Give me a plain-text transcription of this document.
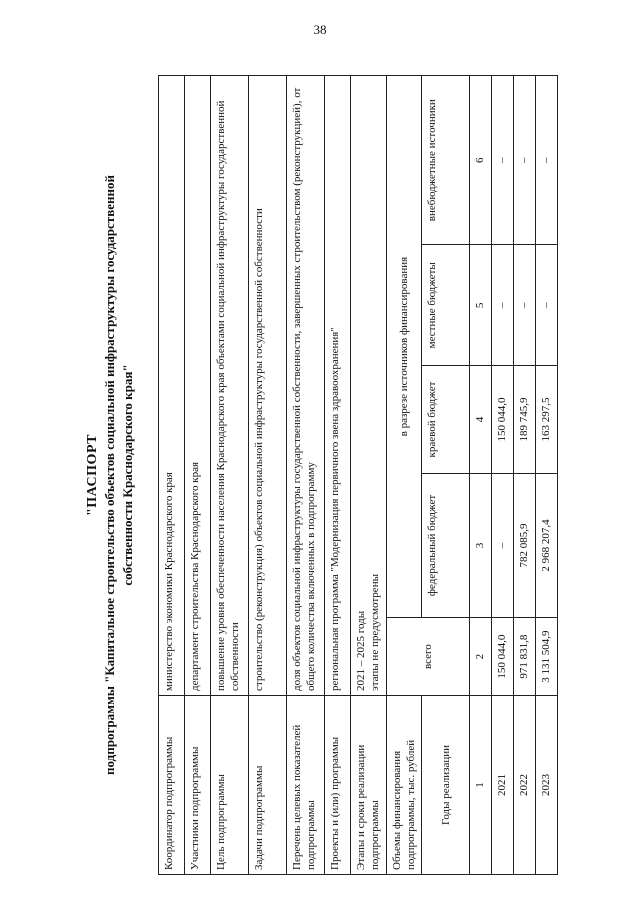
38
"ПАСПОРТ подпрограммы "Капитальное строительство объектов социальной инфраструктуры государственной собственности Краснодарского края"
Координатор подпрограммы	министерство экономики Краснодарского края				
Участники подпрограммы	департамент строительства Краснодарского края				
Цель подпрограммы	повышение уровня обеспеченности населения Краснодарского края объектами социальной инфраструктуры государственной собственности				
Задачи подпрограммы	строительство (реконструкция) объектов социальной инфраструктуры государственной собственности				
Перечень целевых показателей подпрограммы	доля объектов социальной инфраструктуры государственной собственности, завершенных строительством (реконструкцией), от общего количества включенных в подпрограмму				
Проекты и (или) программы	региональная программа "Модернизация первичного звена здравоохранения"				
Этапы и сроки реализации подпрограммы	2021 – 2025 годы этапы не предусмотрены				

Объемы финансирования подпрограммы, тыс. рублей	всего	в разрезе источников финансирования			
Годы реализации		федеральный бюджет	краевой бюджет	местные бюджеты	внебюджетные источники
1	2	3	4	5	6
2021	150 044,0	–	150 044,0	–	–
2022	971 831,8	782 085,9	189 745,9	–	–
2023	3 131 504,9	2 968 207,4	163 297,5	–	–
